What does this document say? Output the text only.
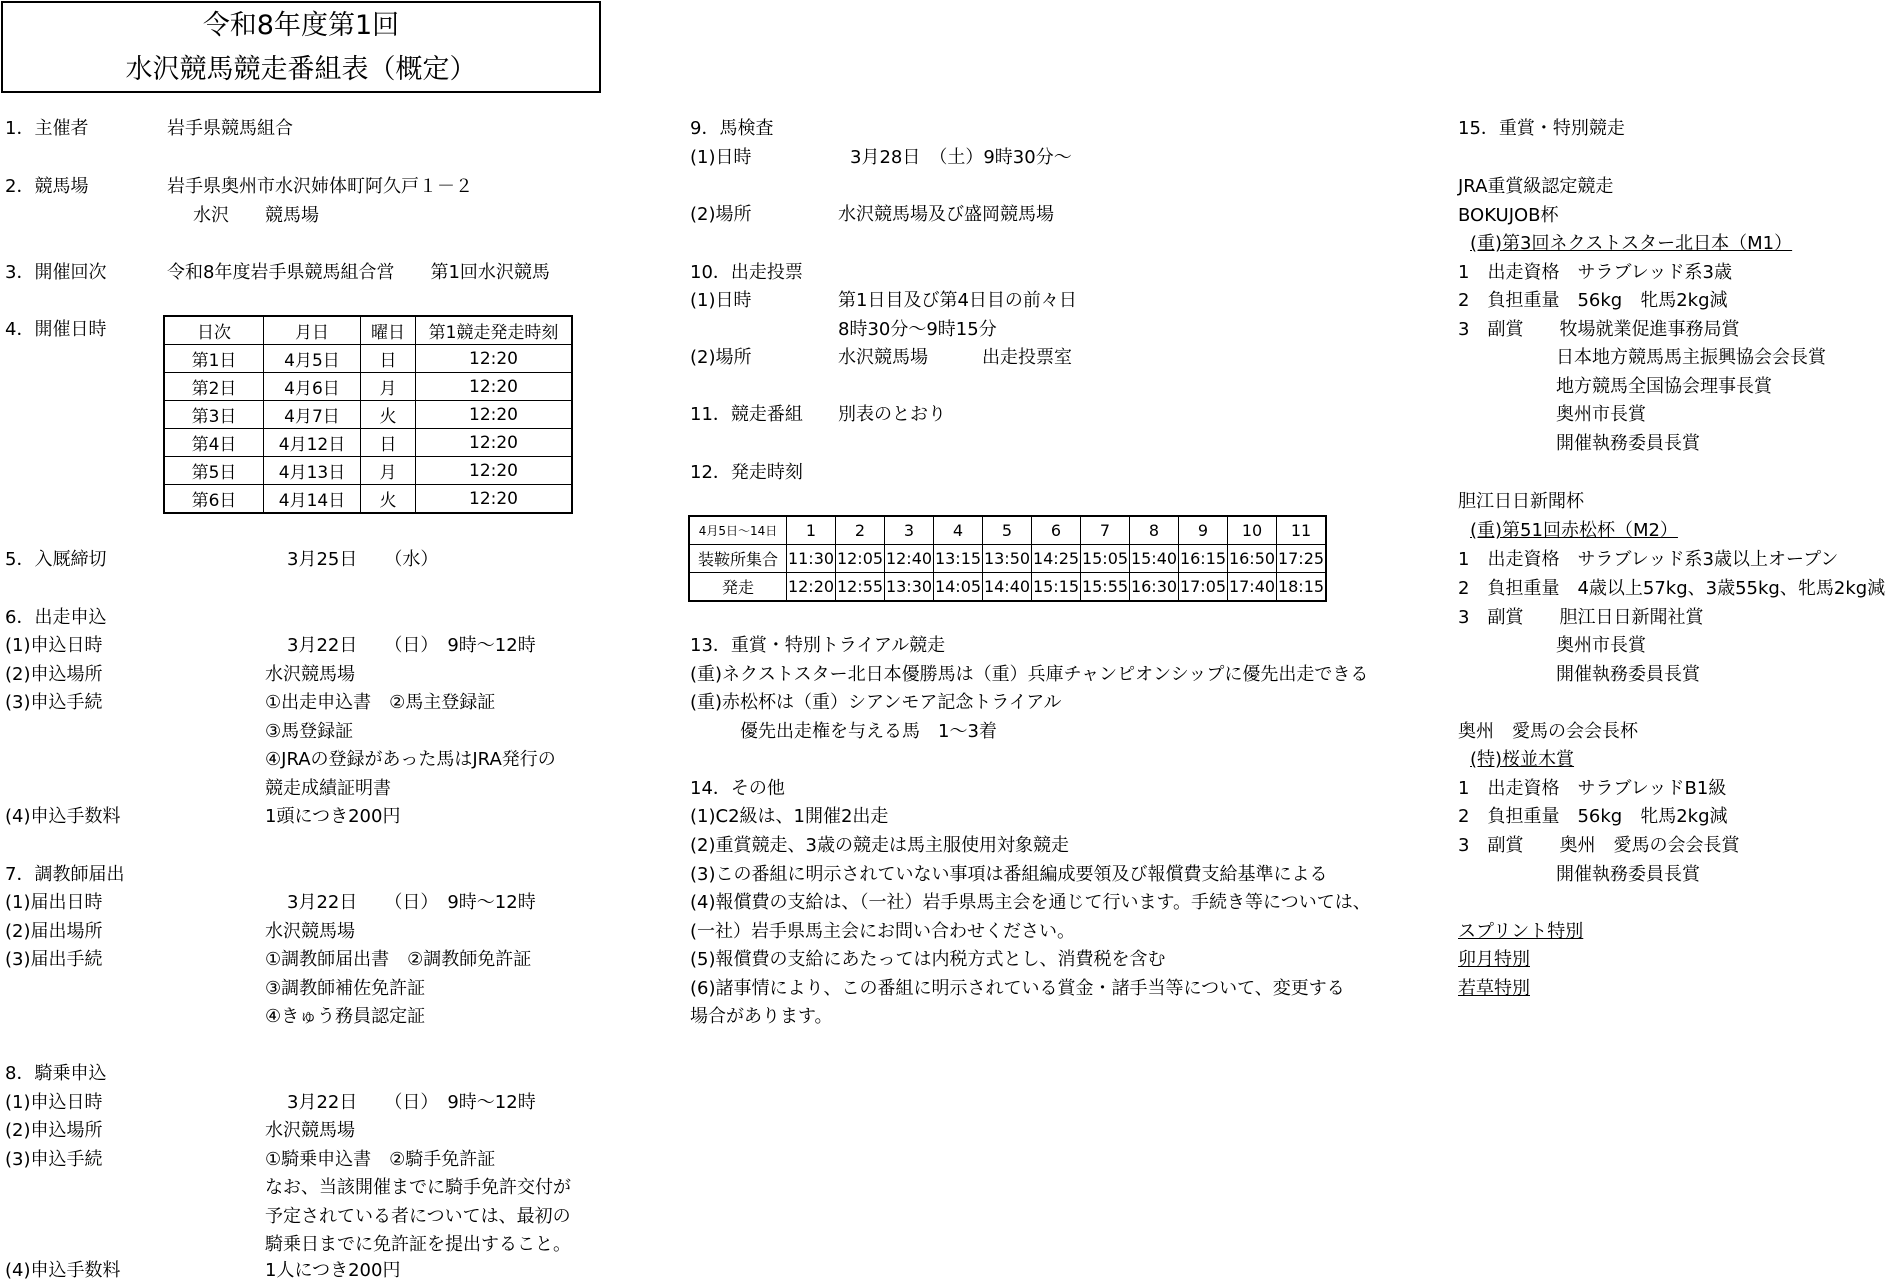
令和8年度第1回
水沢競馬競走番組表（概定）
1．主催者	岩手県競馬組合
2．競馬場	岩手県奥州市水沢姉体町阿久戸１－２
水沢　　競馬場
3．開催回次	令和8年度岩手県競馬組合営　　第1回水沢競馬
4．開催日時	日次	月日	曜日	第1競走発走時刻
第1日	4月5日	日	12:20
第2日	4月6日	月	12:20
第3日	4月7日	火	12:20
第4日	4月12日	日	12:20
第5日	4月13日	月	12:20
第6日	4月14日	火	12:20
5．入厩締切	3月25日　　（水）
6．出走申込
(1)申込日時	3月22日　　（日）　9時～12時
(2)申込場所	水沢競馬場
(3)申込手続	①出走申込書　②馬主登録証
③馬登録証
④JRAの登録があった馬はJRA発行の
競走成績証明書
(4)申込手数料	1頭につき200円
7．調教師届出
(1)届出日時	3月22日　　（日）　9時～12時
(2)届出場所	水沢競馬場
(3)届出手続	①調教師届出書　②調教師免許証
③調教師補佐免許証
④きゅう務員認定証
8．騎乗申込
(1)申込日時	3月22日　　（日）　9時～12時
(2)申込場所	水沢競馬場
(3)申込手続	①騎乗申込書　②騎手免許証
なお、当該開催までに騎手免許交付が
予定されている者については、最初の
騎乗日までに免許証を提出すること。
(4)申込手数料	1人につき200円
9．馬検査
(1)日時	3月28日　（土）9時30分～
(2)場所	水沢競馬場及び盛岡競馬場
10．出走投票
(1)日時	第1日目及び第4日目の前々日
8時30分～9時15分
(2)場所	水沢競馬場　　　出走投票室
11．競走番組 別表のとおり
12．発走時刻
4月5日～14日	1	2	3	4	5	6	7	8	9	10	11
装鞍所集合	11:30	12:05	12:40	13:15	13:50	14:25	15:05	15:40	16:15	16:50	17:25
発走	12:20	12:55	13:30	14:05	14:40	15:15	15:55	16:30	17:05	17:40	18:15
13．重賞・特別トライアル競走
(重)ネクストスター北日本優勝馬は（重）兵庫チャンピオンシップに優先出走できる
(重)赤松杯は（重）シアンモア記念トライアル
優先出走権を与える馬　1～3着
14．その他
(1)C2級は、1開催2出走
(2)重賞競走、3歳の競走は馬主服使用対象競走
(3)この番組に明示されていない事項は番組編成要領及び報償費支給基準による
(4)報償費の支給は、（一社）岩手県馬主会を通じて行います。手続き等については、
(一社）岩手県馬主会にお問い合わせください。
(5)報償費の支給にあたっては内税方式とし、消費税を含む
(6)諸事情により、この番組に明示されている賞金・諸手当等について、変更する
場合があります。
15．重賞・特別競走
JRA重賞級認定競走
BOKUJOB杯
(重)第3回ネクストスター北日本（M1）
1　出走資格　サラブレッド系3歳
2　負担重量　56kg　牝馬2kg減
3　副賞　　牧場就業促進事務局賞
日本地方競馬馬主振興協会会長賞
地方競馬全国協会理事長賞
奥州市長賞
開催執務委員長賞
胆江日日新聞杯
(重)第51回赤松杯（M2）
1　出走資格　サラブレッド系3歳以上オープン
2　負担重量　4歳以上57kg、3歳55kg、牝馬2kg減
3　副賞　　胆江日日新聞社賞
奥州市長賞
開催執務委員長賞
奥州　愛馬の会会長杯
(特)桜並木賞
1　出走資格　サラブレッドB1級
2　負担重量　56kg　牝馬2kg減
3　副賞　　奥州　愛馬の会会長賞
開催執務委員長賞
スプリント特別
卯月特別
若草特別
